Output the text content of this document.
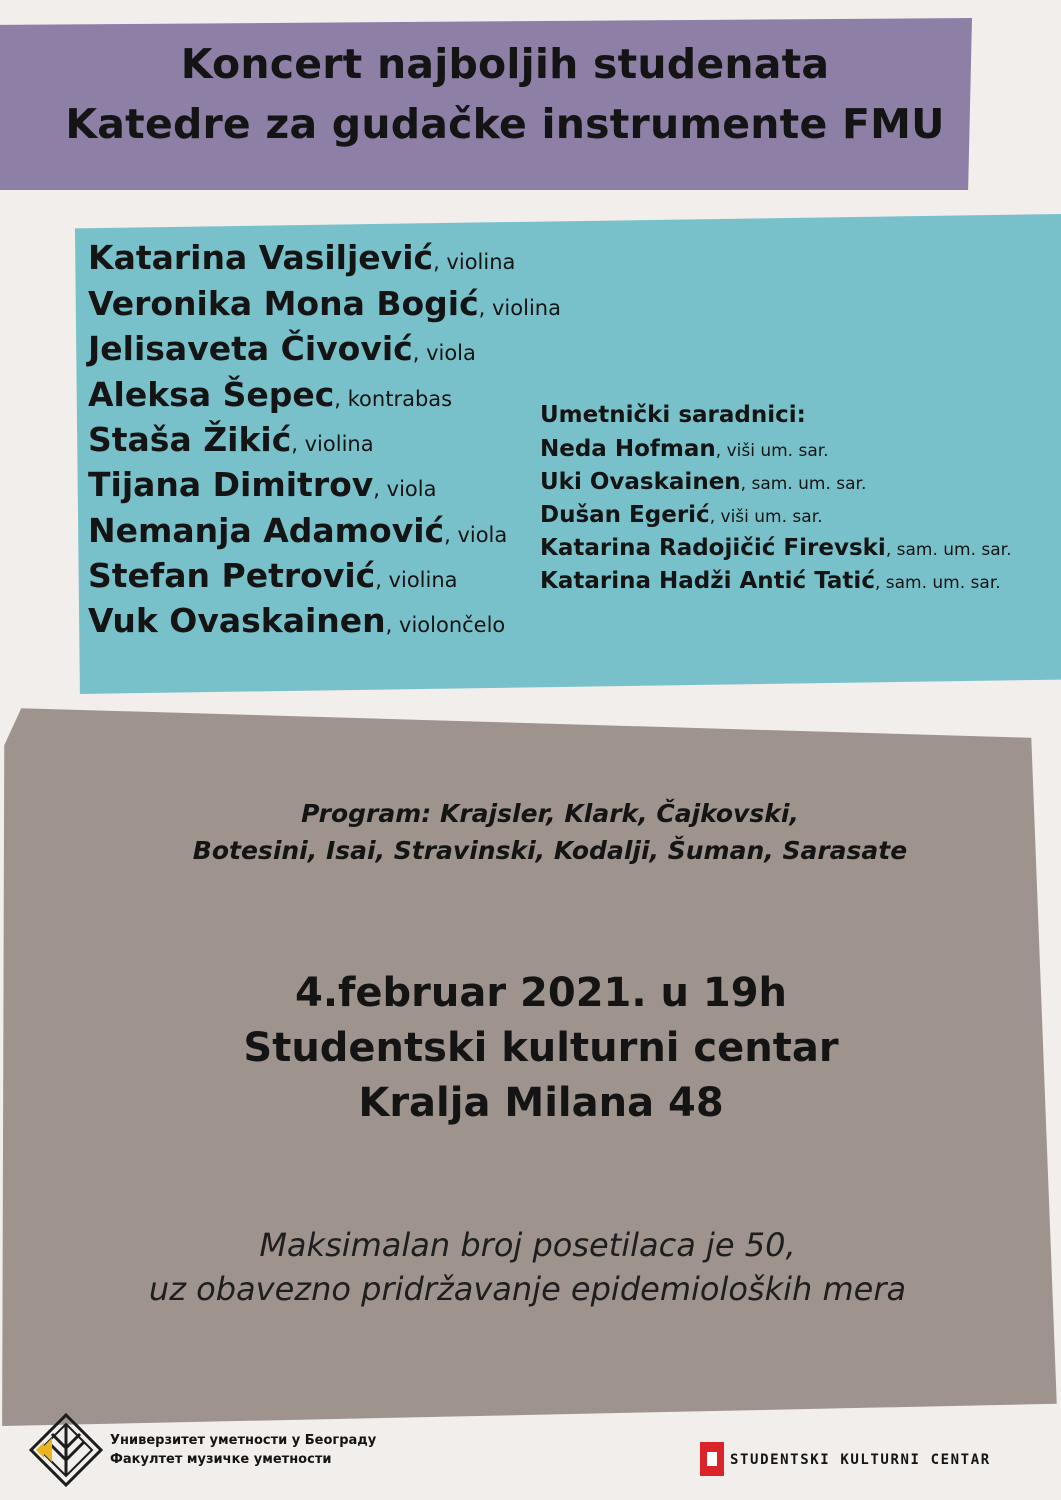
Koncert najboljih studenata
Katedre za gudačke instrumente FMU
Katarina Vasiljević, violina
Veronika Mona Bogić, violina
Jelisaveta Čivović, viola
Aleksa Šepec, kontrabas
Staša Žikić, violina
Tijana Dimitrov, viola
Nemanja Adamović, viola
Stefan Petrović, violina
Vuk Ovaskainen, violončelo
Umetnički saradnici:
Neda Hofman, viši um. sar.
Uki Ovaskainen, sam. um. sar.
Dušan Egerić, viši um. sar.
Katarina Radojičić Firevski, sam. um. sar.
Katarina Hadži Antić Tatić, sam. um. sar.
Program: Krajsler, Klark, Čajkovski,
Botesini, Isai, Stravinski, Kodalji, Šuman, Sarasate
4.februar 2021. u 19h
Studentski kulturni centar
Kralja Milana 48
Maksimalan broj posetilaca je 50,
uz obavezno pridržavanje epidemioloških mera
Универзитет уметности у Београду
Факултет музичке уметности	STUDENTSKI KULTURNI CENTAR
